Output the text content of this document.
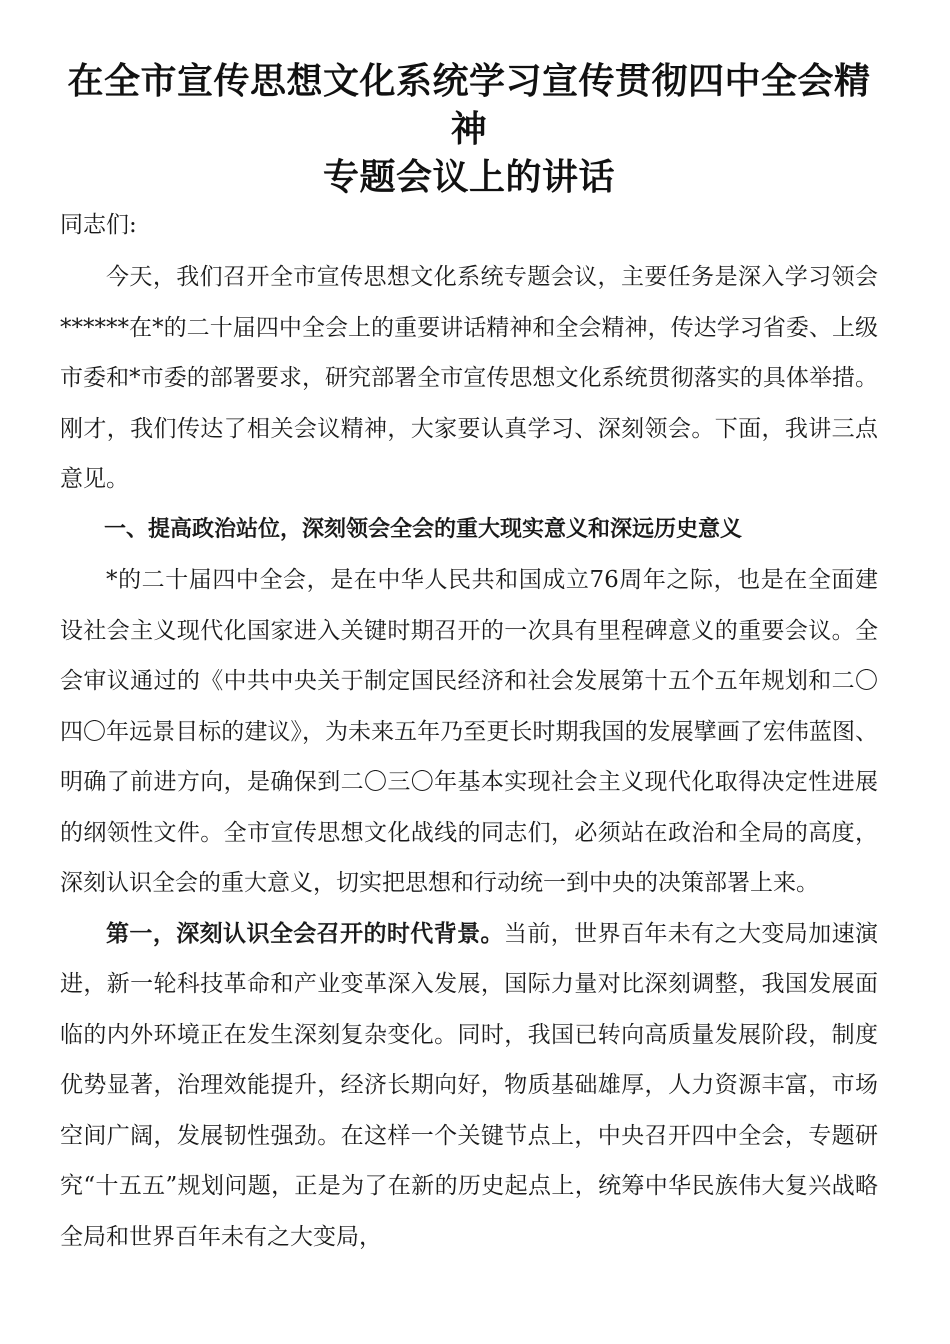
在全市宣传思想文化系统学习宣传贯彻四中全会精神
专题会议上的讲话

同志们:

今天，我们召开全市宣传思想文化系统专题会议，主要任务是深入学习领会******在*的二十届四中全会上的重要讲话精神和全会精神，传达学习省委、上级市委和*市委的部署要求，研究部署全市宣传思想文化系统贯彻落实的具体举措。刚才，我们传达了相关会议精神，大家要认真学习、深刻领会。下面，我讲三点意见。

一、提高政治站位，深刻领会全会的重大现实意义和深远历史意义

*的二十届四中全会，是在中华人民共和国成立76周年之际，也是在全面建设社会主义现代化国家进入关键时期召开的一次具有里程碑意义的重要会议。全会审议通过的《中共中央关于制定国民经济和社会发展第十五个五年规划和二〇四〇年远景目标的建议》，为未来五年乃至更长时期我国的发展擘画了宏伟蓝图、明确了前进方向，是确保到二〇三〇年基本实现社会主义现代化取得决定性进展的纲领性文件。全市宣传思想文化战线的同志们，必须站在政治和全局的高度，深刻认识全会的重大意义，切实把思想和行动统一到中央的决策部署上来。

第一，深刻认识全会召开的时代背景。当前，世界百年未有之大变局加速演进，新一轮科技革命和产业变革深入发展，国际力量对比深刻调整，我国发展面临的内外环境正在发生深刻复杂变化。同时，我国已转向高质量发展阶段，制度优势显著，治理效能提升，经济长期向好，物质基础雄厚，人力资源丰富，市场空间广阔，发展韧性强劲。在这样一个关键节点上，中央召开四中全会，专题研究“十五五”规划问题，正是为了在新的历史起点上，统筹中华民族伟大复兴战略全局和世界百年未有之大变局，
